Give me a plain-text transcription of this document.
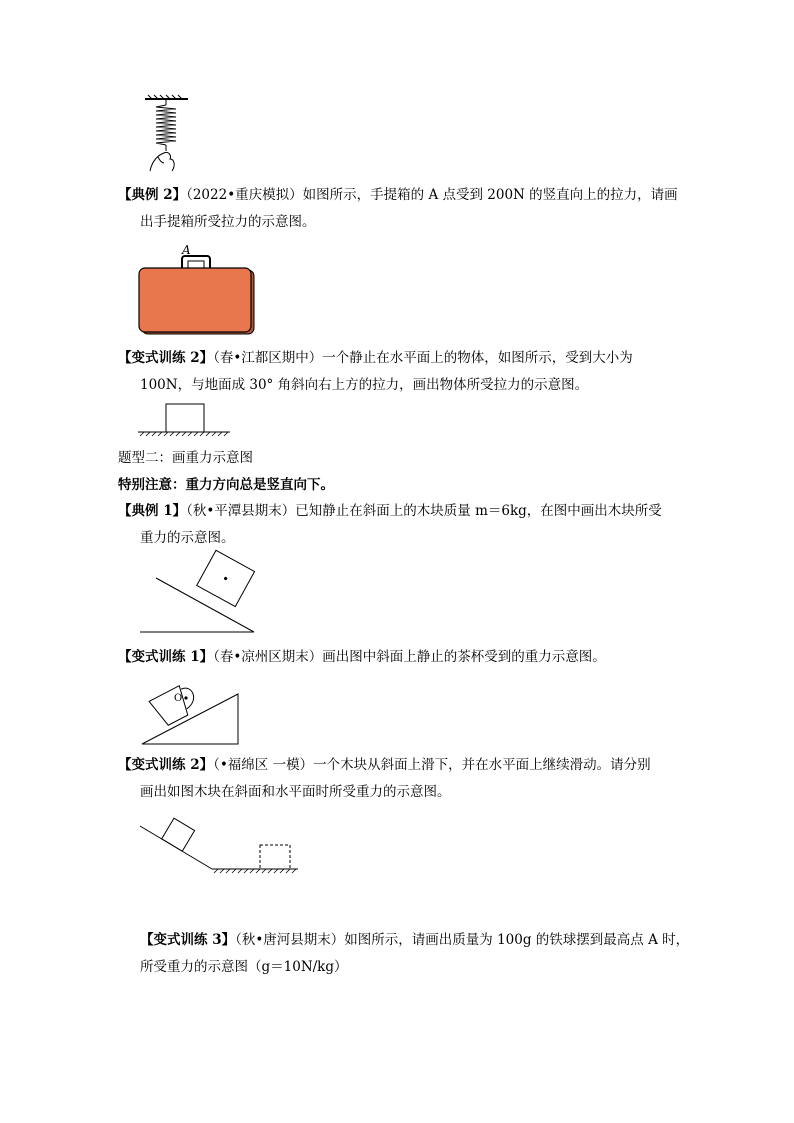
【典例 2】（2022•重庆模拟）如图所示，手提箱的 A 点受到 200N 的竖直向上的拉力，请画
出手提箱所受拉力的示意图。
A
【变式训练 2】（春•江都区期中）一个静止在水平面上的物体，如图所示，受到大小为
100N，与地面成 30° 角斜向右上方的拉力，画出物体所受拉力的示意图。
题型二：画重力示意图
特别注意：重力方向总是竖直向下。
【典例 1】（秋•平潭县期末）已知静止在斜面上的木块质量 m＝6kg，在图中画出木块所受
重力的示意图。
【变式训练 1】（春•凉州区期末）画出图中斜面上静止的茶杯受到的重力示意图。
O
【变式训练 2】（•福绵区 一模）一个木块从斜面上滑下，并在水平面上继续滑动。请分别
画出如图木块在斜面和水平面时所受重力的示意图。
【变式训练 3】（秋•唐河县期末）如图所示，请画出质量为 100g 的铁球摆到最高点 A 时，
所受重力的示意图（g＝10N/kg）
